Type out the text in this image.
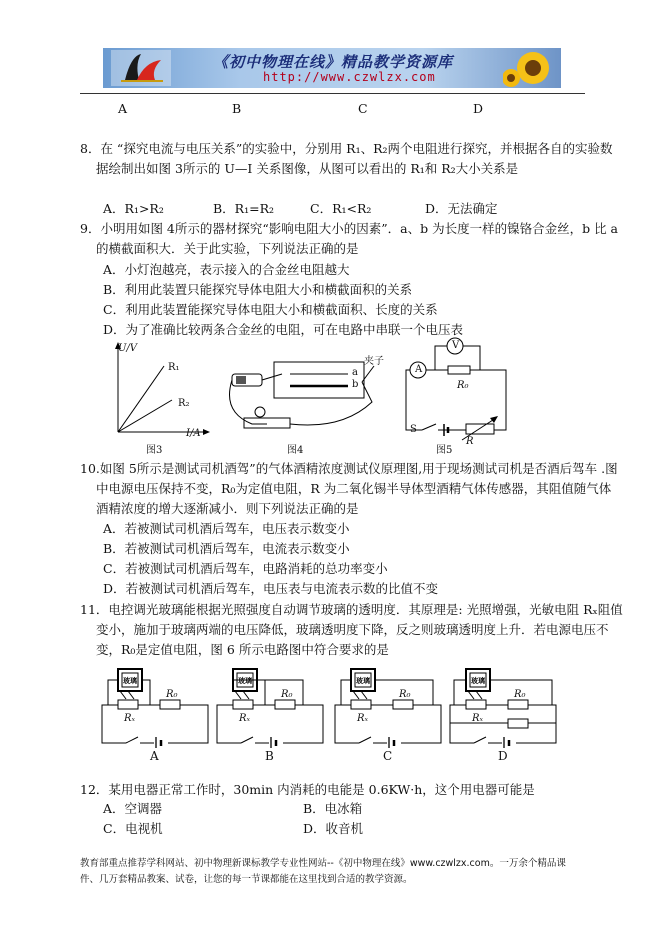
《初中物理在线》精品教学资源库
http://www.czwlzx.com
A	B	C	D
8．在 “探究电流与电压关系”的实验中，分别用 R₁、R₂两个电阻进行探究，并根据各自的实验数
据绘制出如图 3所示的 U—I 关系图像，从图可以看出的 R₁和 R₂大小关系是
A．R₁>R₂	B．R₁=R₂	C．R₁<R₂	D．无法确定
9．小明用如图 4所示的器材探究“影响电阻大小的因素”．a、b 为长度一样的镍铬合金丝，b 比 a
的横截面积大．关于此实验，下列说法正确的是
A．小灯泡越亮，表示接入的合金丝电阻越大
B．利用此装置只能探究导体电阻大小和横截面积的关系
C．利用此装置能探究导体电阻大小和横截面积、长度的关系
D．为了准确比较两条合金丝的电阻，可在电路中串联一个电压表
U/V
I/A
R₁
R₂
图3
夹子
a
b
图4
A
V
R₀
S
R
图5
10.如图 5所示是测试司机酒驾”的气体酒精浓度测试仪原理图,用于现场测试司机是否酒后驾车 .图
中电源电压保持不变，R₀为定值电阻，R 为二氧化锡半导体型酒精气体传感器，其阻值随气体
酒精浓度的增大逐渐减小．则下列说法正确的是
A．若被测试司机酒后驾车，电压表示数变小
B．若被测试司机酒后驾车，电流表示数变小
C．若被测试司机酒后驾车，电路消耗的总功率变小
D．若被测试司机酒后驾车，电压表与电流表示数的比值不变
11．电控调光玻璃能根据光照强度自动调节玻璃的透明度．其原理是: 光照增强，光敏电阻 Rₓ阻值
变小，施加于玻璃两端的电压降低，玻璃透明度下降，反之则玻璃透明度上升．若电源电压不
变，R₀是定值电阻，图 6 所示电路图中符合要求的是
玻璃
R₀
Rₓ
A
玻璃
R₀
Rₓ
B
玻璃
R₀
Rₓ
C
玻璃
R₀
Rₓ
D
12．某用电器正常工作时，30min 内消耗的电能是 0.6KW·h，这个用电器可能是
A．空调器	B．电冰箱
C．电视机	D．收音机
教育部重点推荐学科网站、初中物理新课标教学专业性网站--《初中物理在线》www.czwlzx.com。一万余个精品课
件、几万套精品教案、试卷，让您的每一节课都能在这里找到合适的教学资源。
